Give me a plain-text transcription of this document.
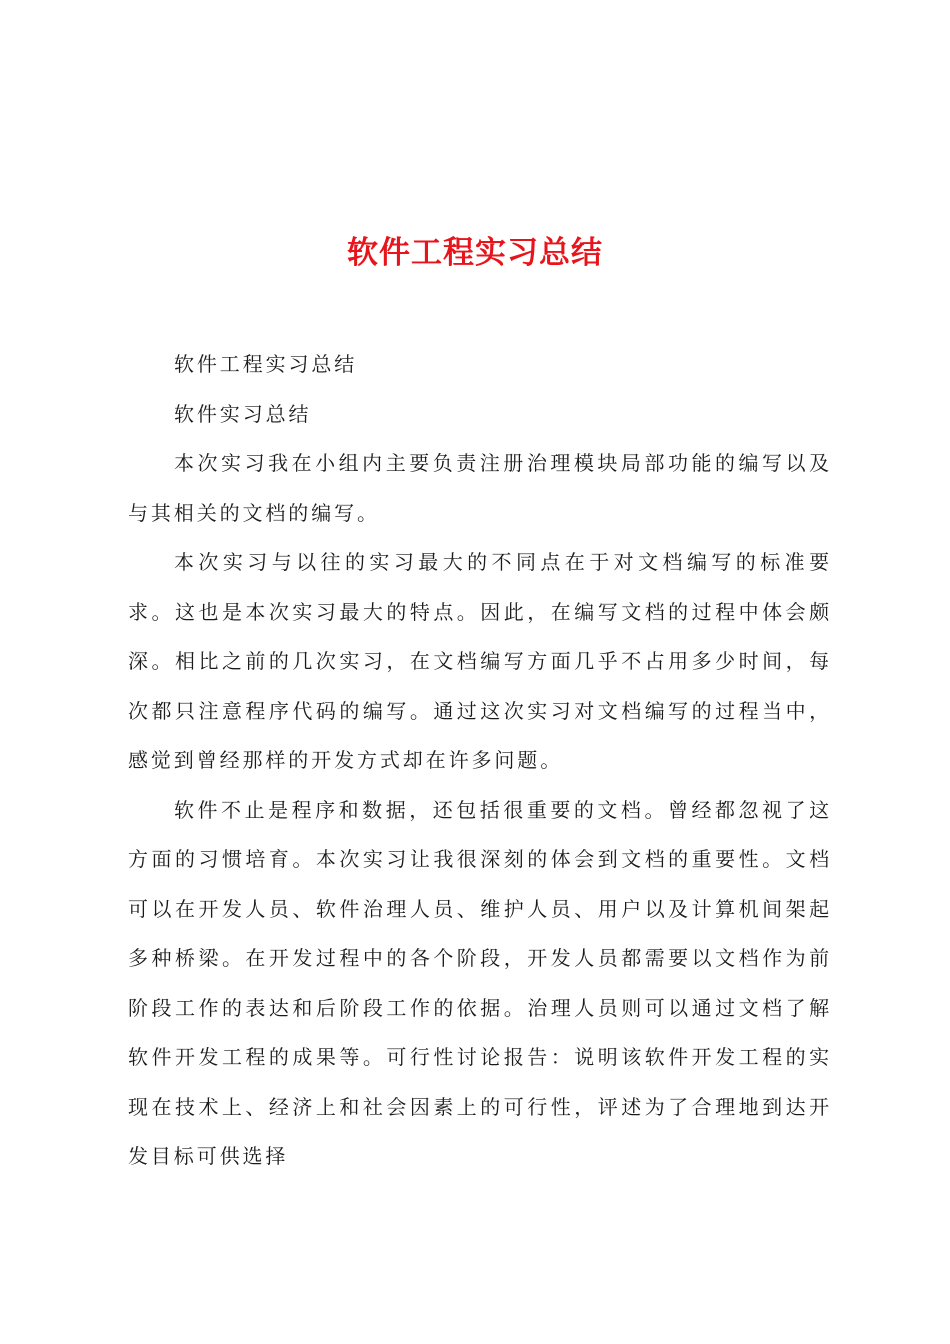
软件工程实习总结

软件工程实习总结

软件实习总结

本次实习我在小组内主要负责注册治理模块局部功能的编写以及与其相关的文档的编写。

本次实习与以往的实习最大的不同点在于对文档编写的标准要求。这也是本次实习最大的特点。因此，在编写文档的过程中体会颇深。相比之前的几次实习，在文档编写方面几乎不占用多少时间，每次都只注意程序代码的编写。通过这次实习对文档编写的过程当中，感觉到曾经那样的开发方式却在许多问题。

软件不止是程序和数据，还包括很重要的文档。曾经都忽视了这方面的习惯培育。本次实习让我很深刻的体会到文档的重要性。文档可以在开发人员、软件治理人员、维护人员、用户以及计算机间架起多种桥梁。在开发过程中的各个阶段，开发人员都需要以文档作为前阶段工作的表达和后阶段工作的依据。治理人员则可以通过文档了解软件开发工程的成果等。可行性讨论报告：说明该软件开发工程的实现在技术上、经济上和社会因素上的可行性，评述为了合理地到达开发目标可供选择
